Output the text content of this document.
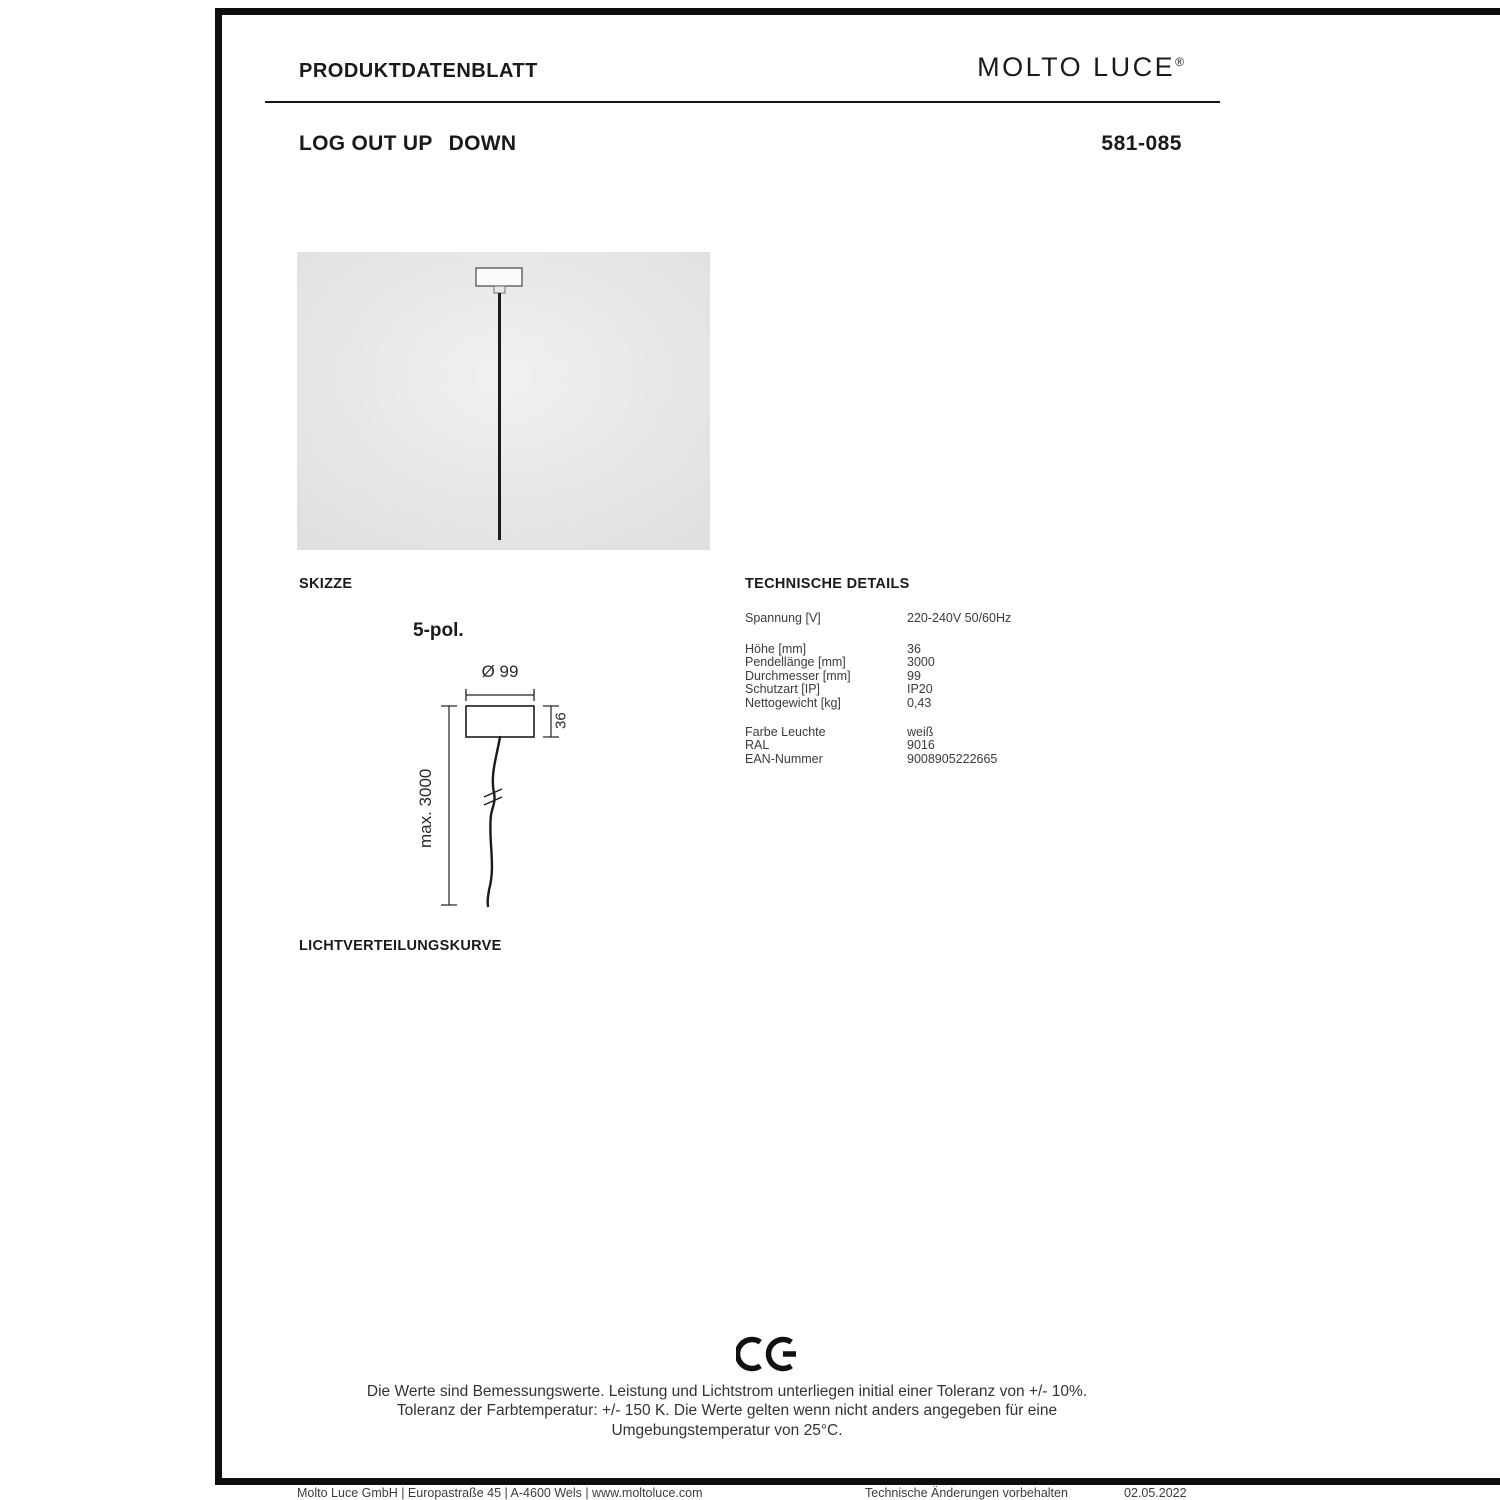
PRODUKTDATENBLATT	MOLTO LUCE®
LOG OUT UP DOWN	581-085
SKIZZE	TECHNISCHE DETAILS
5-pol.
Ø 99
36
max. 3000
Spannung [V]	220-240V 50/60Hz
Höhe [mm]	36
Pendellänge [mm]	3000
Durchmesser [mm]	99
Schutzart [IP]	IP20
Nettogewicht [kg]	0,43
Farbe Leuchte	weiß
RAL	9016
EAN-Nummer	9008905222665
LICHTVERTEILUNGSKURVE
Die Werte sind Bemessungswerte. Leistung und Lichtstrom unterliegen initial einer Toleranz von +/- 10%.
Toleranz der Farbtemperatur: +/- 150 K. Die Werte gelten wenn nicht anders angegeben für eine
Umgebungstemperatur von 25°C.
Molto Luce GmbH | Europastraße 45 | A-4600 Wels | www.moltoluce.com	Technische Änderungen vorbehalten	02.05.2022
